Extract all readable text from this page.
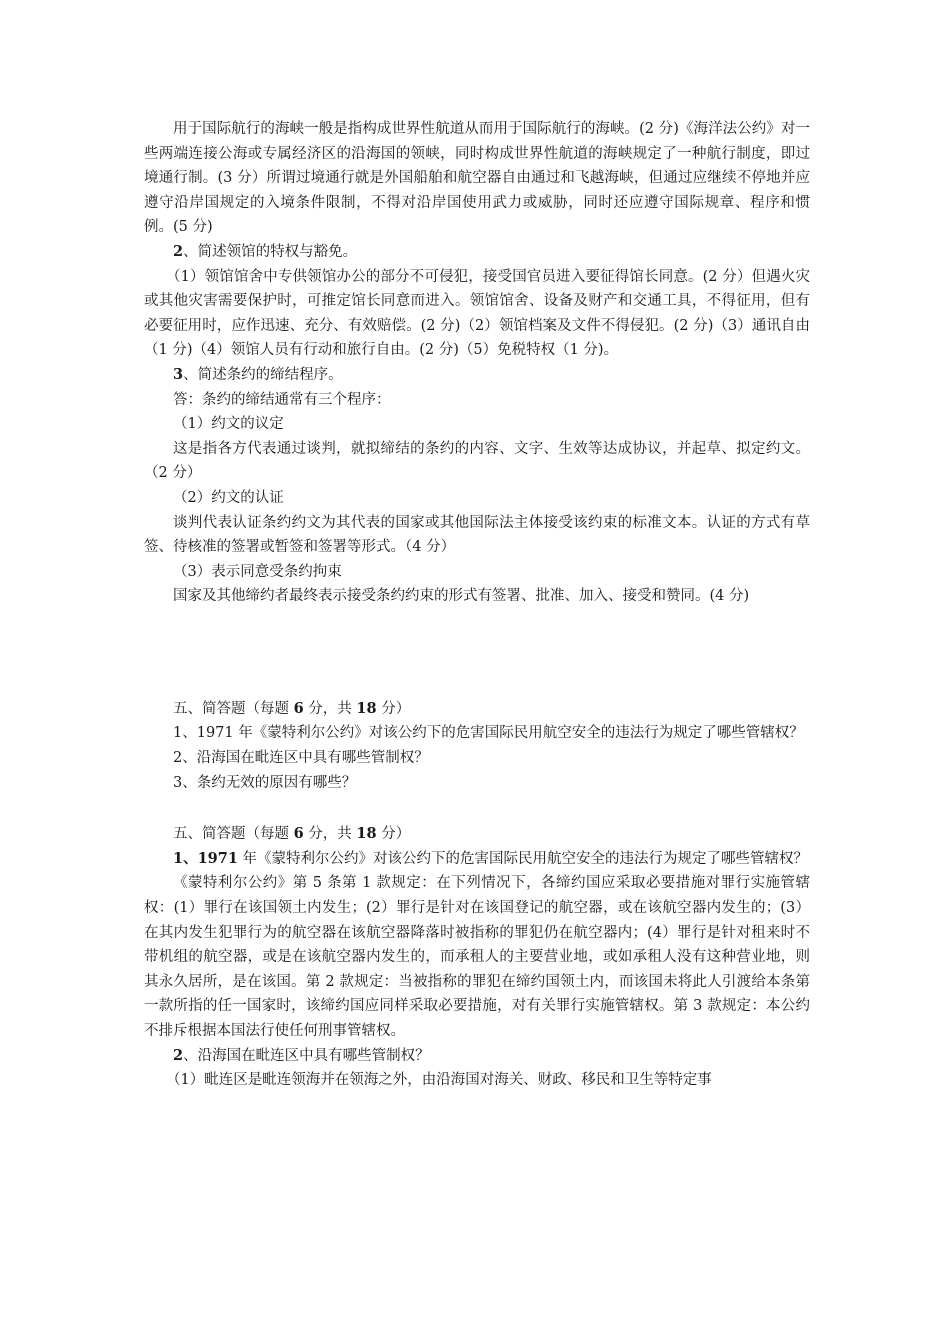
用于国际航行的海峡一般是指构成世界性航道从而用于国际航行的海峡。(2 分)《海洋法公约》对一些两端连接公海或专属经济区的沿海国的领峡，同时构成世界性航道的海峡规定了一种航行制度，即过境通行制。(3 分）所谓过境通行就是外国船舶和航空器自由通过和飞越海峡，但通过应继续不停地并应遵守沿岸国规定的入境条件限制，不得对沿岸国使用武力或威胁，同时还应遵守国际规章、程序和惯例。(5 分)

2、简述领馆的特权与豁免。

（1）领馆馆舍中专供领馆办公的部分不可侵犯，接受国官员进入要征得馆长同意。(2 分）但遇火灾或其他灾害需要保护时，可推定馆长同意而进入。领馆馆舍、设备及财产和交通工具，不得征用，但有必要征用时，应作迅速、充分、有效赔偿。(2 分)（2）领馆档案及文件不得侵犯。(2 分)（3）通讯自由（1 分)（4）领馆人员有行动和旅行自由。(2 分)（5）免税特权（1 分)。

3、简述条约的缔结程序。

答：条约的缔结通常有三个程序：

（1）约文的议定

这是指各方代表通过谈判，就拟缔结的条约的内容、文字、生效等达成协议，并起草、拟定约文。（2 分）

（2）约文的认证

谈判代表认证条约约文为其代表的国家或其他国际法主体接受该约束的标准文本。认证的方式有草签、待核准的签署或暂签和签署等形式。（4 分）

（3）表示同意受条约拘束

国家及其他缔约者最终表示接受条约约束的形式有签署、批准、加入、接受和赞同。(4 分)

五、简答题（每题 6 分，共 18 分）

1、1971 年《蒙特利尔公约》对该公约下的危害国际民用航空安全的违法行为规定了哪些管辖权？

2、沿海国在毗连区中具有哪些管制权？

3、条约无效的原因有哪些？

五、简答题（每题 6 分，共 18 分）

1、1971 年《蒙特利尔公约》对该公约下的危害国际民用航空安全的违法行为规定了哪些管辖权？

《蒙特利尔公约》第 5 条第 1 款规定：在下列情况下，各缔约国应采取必要措施对罪行实施管辖权：(1）罪行在该国领土内发生；(2）罪行是针对在该国登记的航空器，或在该航空器内发生的；(3）在其内发生犯罪行为的航空器在该航空器降落时被指称的罪犯仍在航空器内；(4）罪行是针对租来时不带机组的航空器，或是在该航空器内发生的，而承租人的主要营业地，或如承租人没有这种营业地，则其永久居所，是在该国。第 2 款规定：当被指称的罪犯在缔约国领土内，而该国未将此人引渡给本条第一款所指的任一国家时，该缔约国应同样采取必要措施，对有关罪行实施管辖权。第 3 款规定：本公约不排斥根据本国法行使任何刑事管辖权。

2、沿海国在毗连区中具有哪些管制权？

（1）毗连区是毗连领海并在领海之外，由沿海国对海关、财政、移民和卫生等特定事
